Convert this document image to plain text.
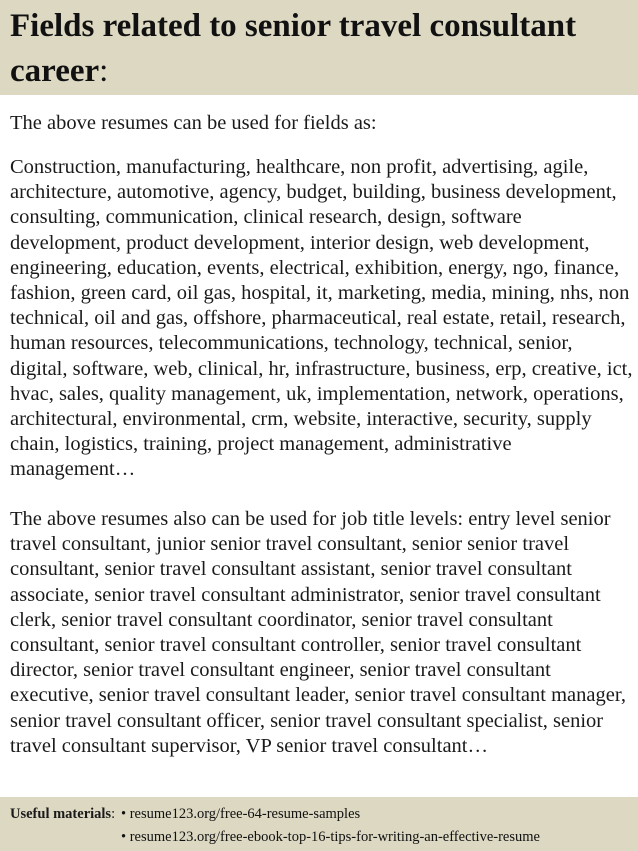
Fields related to senior travel consultant career:

The above resumes can be used for fields as:

Construction, manufacturing, healthcare, non profit, advertising, agile, architecture, automotive, agency, budget, building, business development, consulting, communication, clinical research, design, software development, product development, interior design, web development, engineering, education, events, electrical, exhibition, energy, ngo, finance, fashion, green card, oil gas, hospital, it, marketing, media, mining, nhs, non technical, oil and gas, offshore, pharmaceutical, real estate, retail, research, human resources, telecommunications, technology, technical, senior, digital, software, web, clinical, hr, infrastructure, business, erp, creative, ict, hvac, sales, quality management, uk, implementation, network, operations, architectural, environmental, crm, website, interactive, security, supply chain, logistics, training, project management, administrative management…

The above resumes also can be used for job title levels: entry level senior travel consultant, junior senior travel consultant, senior senior travel consultant, senior travel consultant assistant, senior travel consultant associate, senior travel consultant administrator, senior travel consultant clerk, senior travel consultant coordinator, senior travel consultant consultant, senior travel consultant controller, senior travel consultant director, senior travel consultant engineer, senior travel consultant executive, senior travel consultant leader, senior travel consultant manager, senior travel consultant officer, senior travel consultant specialist, senior travel consultant supervisor, VP senior travel consultant…

Useful materials: • resume123.org/free-64-resume-samples
• resume123.org/free-ebook-top-16-tips-for-writing-an-effective-resume
